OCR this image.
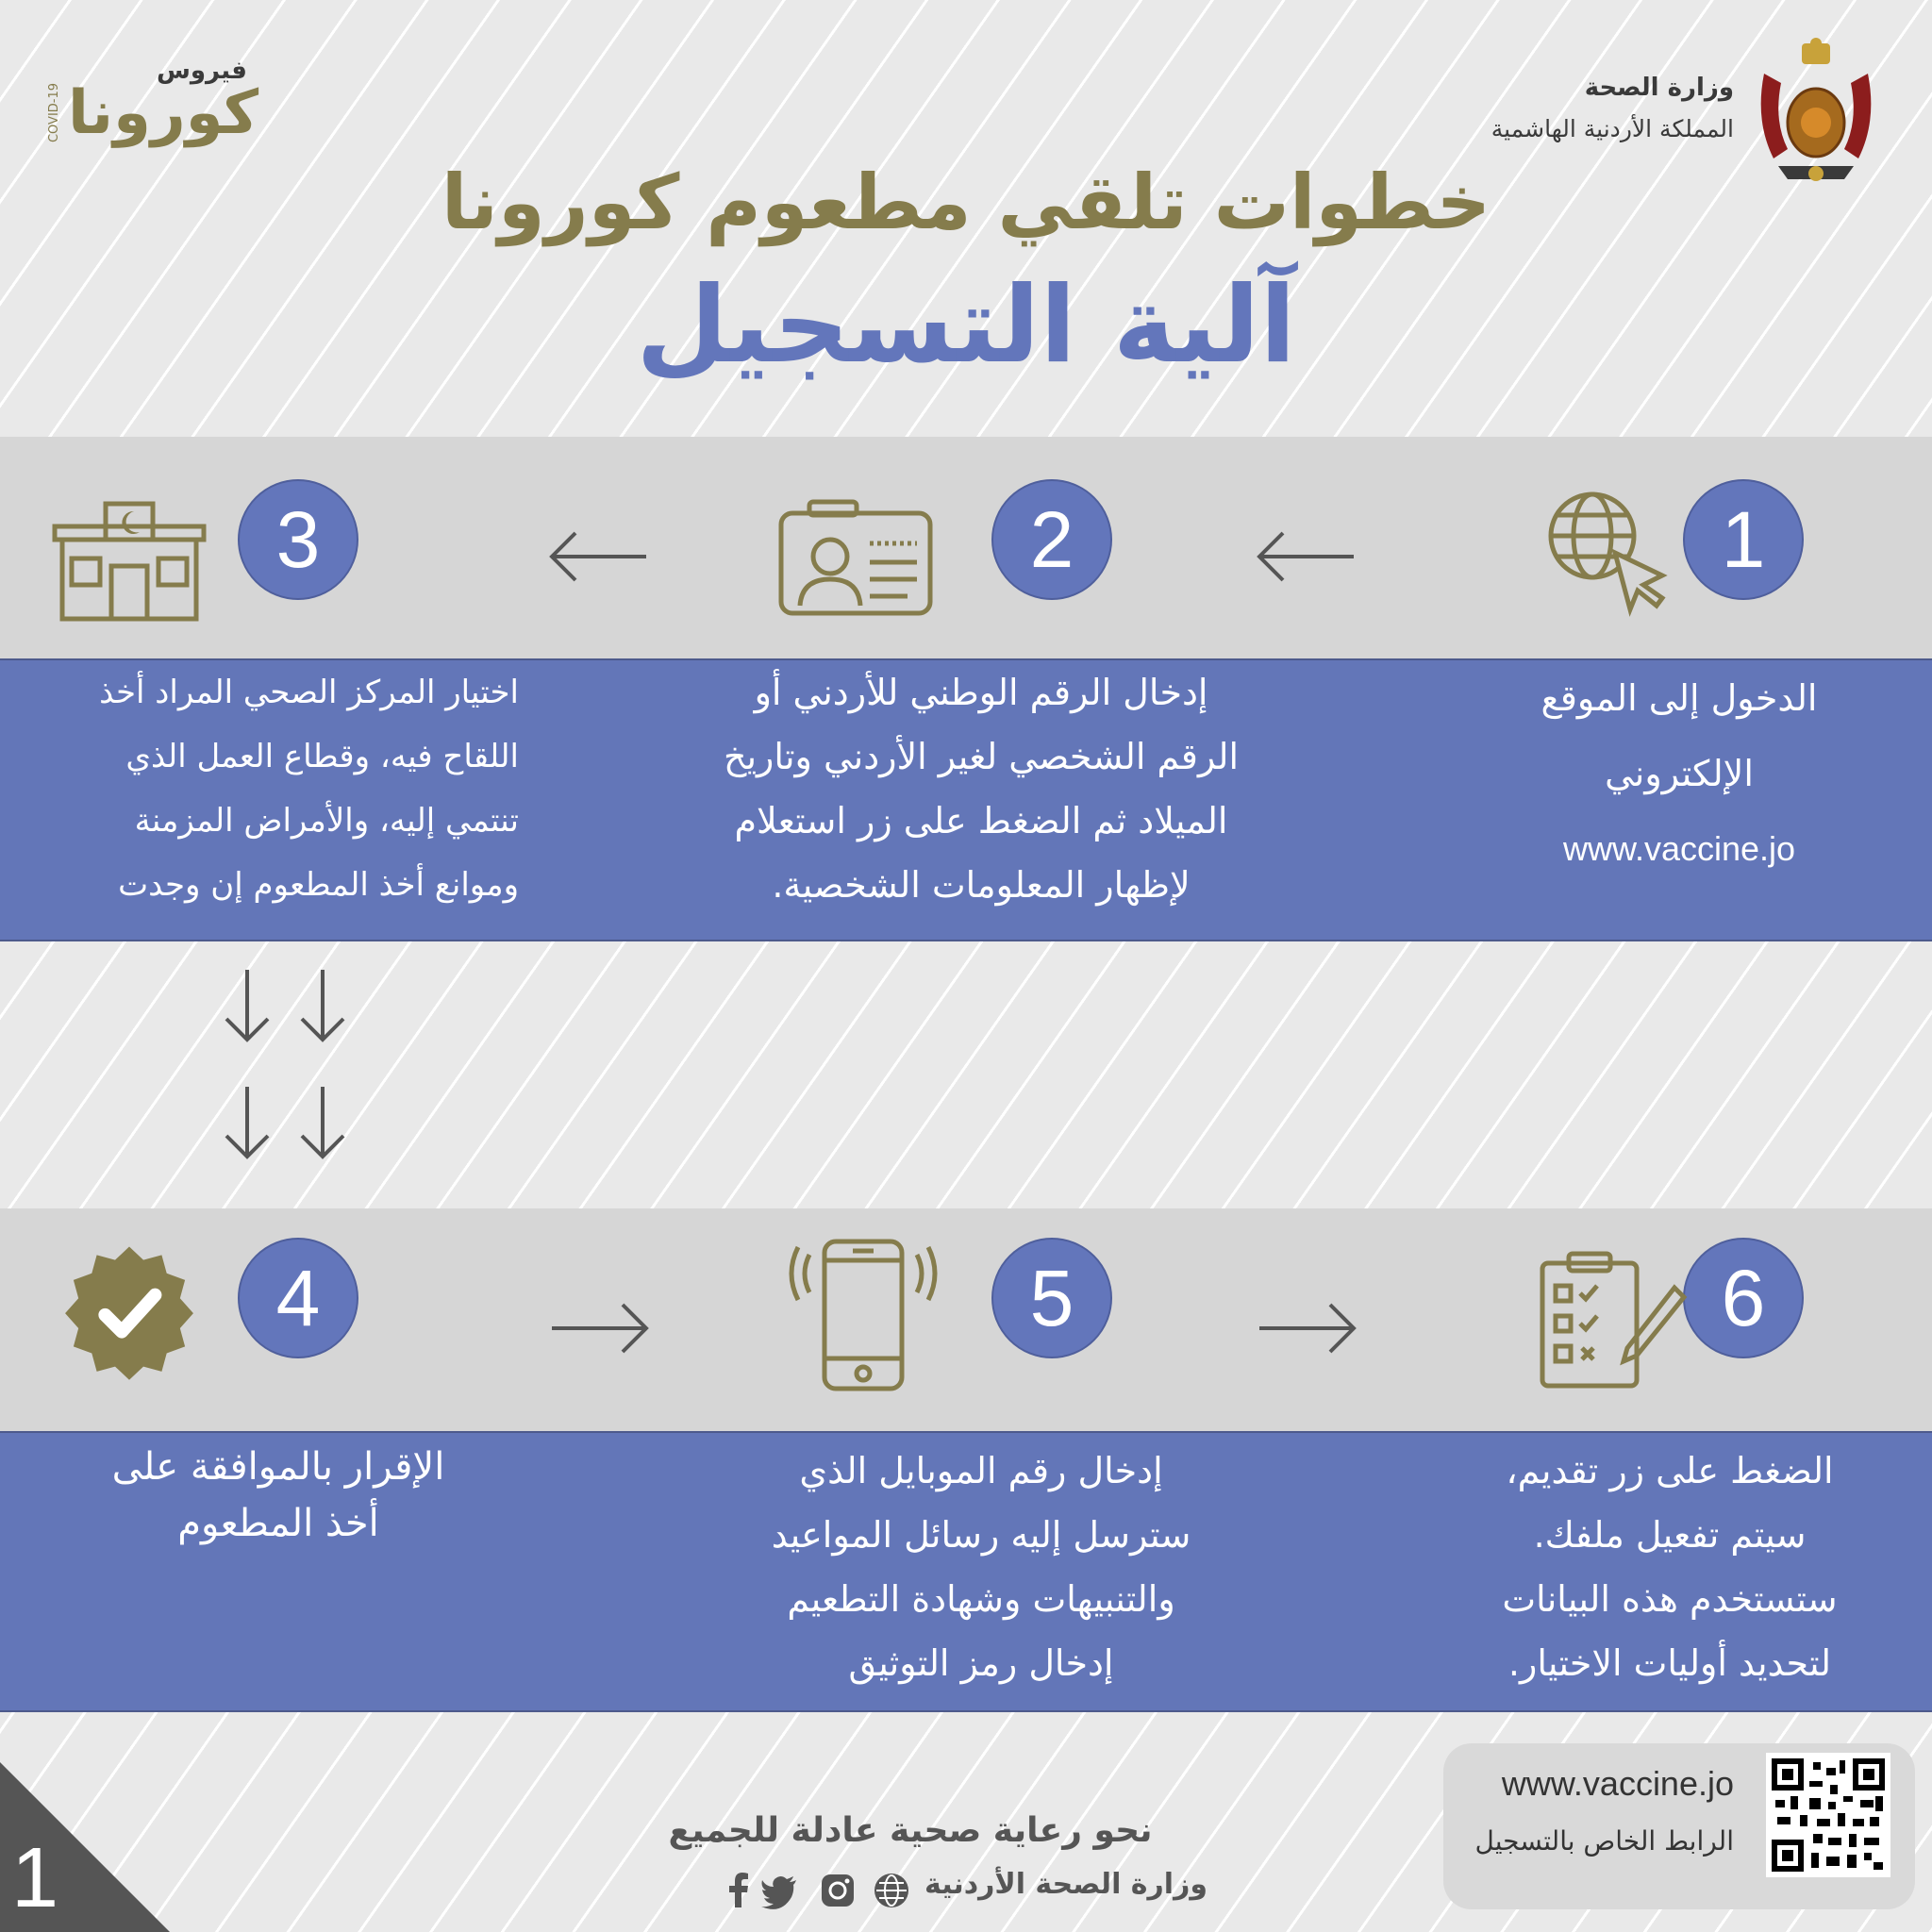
وزارة الصحة
المملكة الأردنية الهاشمية
فيروس
كورونا
COVID-19
خطوات تلقي مطعوم كورونا
آلية التسجيل
1
الدخول إلى الموقع
الإلكتروني
www.vaccine.jo
2
إدخال الرقم الوطني للأردني أو
الرقم الشخصي لغير الأردني وتاريخ
الميلاد ثم الضغط على زر استعلام
لإظهار المعلومات الشخصية.
3
اختيار المركز الصحي المراد أخذ
اللقاح فيه، وقطاع العمل الذي
تنتمي إليه، والأمراض المزمنة
وموانع أخذ المطعوم إن وجدت
4
الإقرار بالموافقة على
أخذ المطعوم
5
إدخال رقم الموبايل الذي
سترسل إليه رسائل المواعيد
والتنبيهات وشهادة التطعيم
إدخال رمز التوثيق
6
الضغط على زر تقديم،
سيتم تفعيل ملفك.
ستستخدم هذه البيانات
لتحديد أوليات الاختيار.
www.vaccine.jo
الرابط الخاص بالتسجيل
نحو رعاية صحية عادلة للجميع
وزارة الصحة الأردنية
1
